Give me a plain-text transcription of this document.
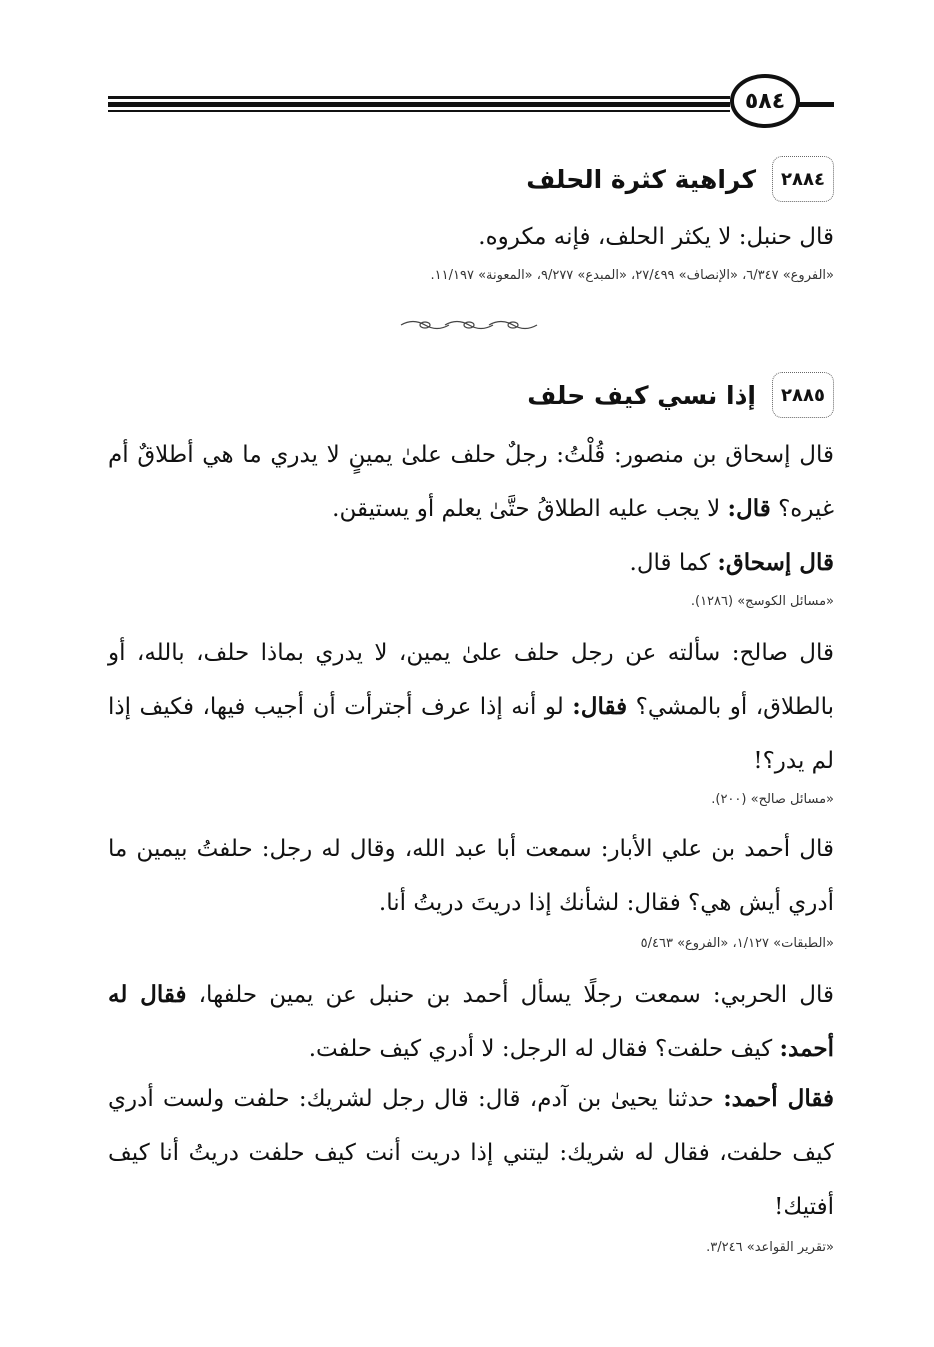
٥٨٤
٢٨٨٤
كراهية كثرة الحلف
قال حنبل: لا يكثر الحلف، فإنه مكروه.
«الفروع» ٦/٣٤٧، «الإنصاف» ٢٧/٤٩٩، «المبدع» ٩/٢٧٧، «المعونة» ١١/١٩٧.
٢٨٨٥
إذا نسي كيف حلف
قال إسحاق بن منصور: قُلْتُ: رجلٌ حلف علىٰ يمينٍ لا يدري ما هي أطلاقٌ أم غيره؟ قال: لا يجب عليه الطلاقُ حتَّىٰ يعلم أو يستيقن.
قال إسحاق: كما قال.
«مسائل الكوسج» (١٢٨٦).
قال صالح: سألته عن رجل حلف علىٰ يمين، لا يدري بماذا حلف، بالله، أو بالطلاق، أو بالمشي؟ فقال: لو أنه إذا عرف أجترأت أن أجيب فيها، فكيف إذا لم يدر؟!
«مسائل صالح» (٢٠٠).
قال أحمد بن علي الأبار: سمعت أبا عبد الله، وقال له رجل: حلفتُ بيمين ما أدري أيش هي؟ فقال: لشأنك إذا دريتَ دريتُ أنا.
«الطبقات» ١/١٢٧، «الفروع» ٥/٤٦٣
قال الحربي: سمعت رجلًا يسأل أحمد بن حنبل عن يمين حلفها، فقال له أحمد: كيف حلفت؟ فقال له الرجل: لا أدري كيف حلفت.
فقال أحمد: حدثنا يحيىٰ بن آدم، قال: قال رجل لشريك: حلفت ولست أدري كيف حلفت، فقال له شريك: ليتني إذا دريت أنت كيف حلفت دريتُ أنا كيف أفتيك!
«تقرير القواعد» ٣/٢٤٦.
